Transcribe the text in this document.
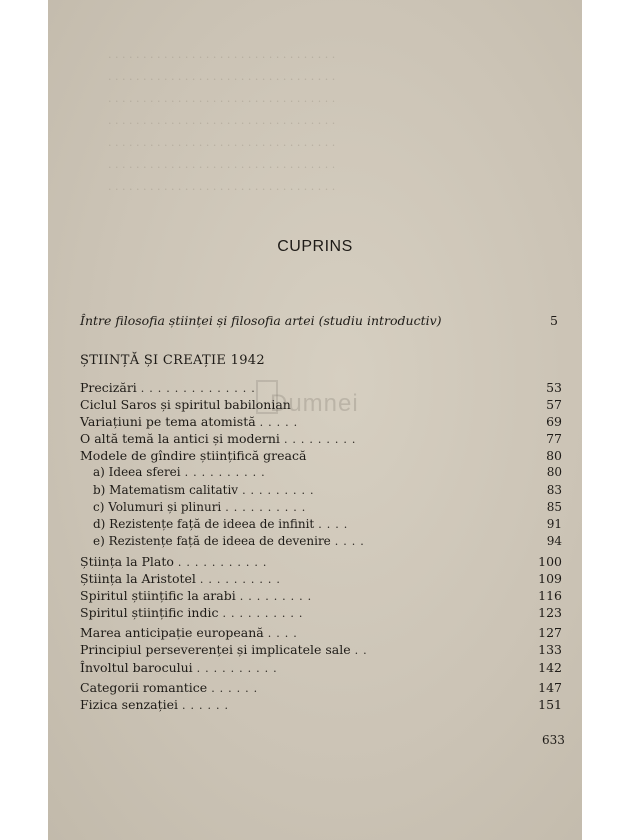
. . . . . . . . . . . . . . . . . . . . . . . . . . . . . . . . .
. . . . . . . . . . . . . . . . . . . . . . . . . . . . . . . . .
. . . . . . . . . . . . . . . . . . . . . . . . . . . . . . . . .
. . . . . . . . . . . . . . . . . . . . . . . . . . . . . . . . .
. . . . . . . . . . . . . . . . . . . . . . . . . . . . . . . . .
. . . . . . . . . . . . . . . . . . . . . . . . . . . . . . . . .
. . . . . . . . . . . . . . . . . . . . . . . . . . . . . . . . .
Dumnei
CUPRINS
Între filosofia științei și filosofia artei (studiu introductiv)	5
ȘTIINȚĂ ȘI CREAȚIE 1942
Precizări ..............	53
Ciclul Saros și spiritul babilonian	57
Variațiuni pe tema atomistă .....	69
O altă temă la antici și moderni .........	77
Modele de gîndire științifică greacă	80
a) Ideea sferei ..........	80
b) Matematism calitativ .........	83
c) Volumuri și plinuri ..........	85
d) Rezistențe față de ideea de infinit ....	91
e) Rezistențe față de ideea de devenire ....	94
Știința la Plato ...........	100
Știința la Aristotel ..........	109
Spiritul științific la arabi .........	116
Spiritul științific indic ..........	123
Marea anticipație europeană ....	127
Principiul perseverenței și implicatele sale ..	133
Învoltul barocului ..........	142
Categorii romantice ......	147
Fizica senzației ......	151
633
